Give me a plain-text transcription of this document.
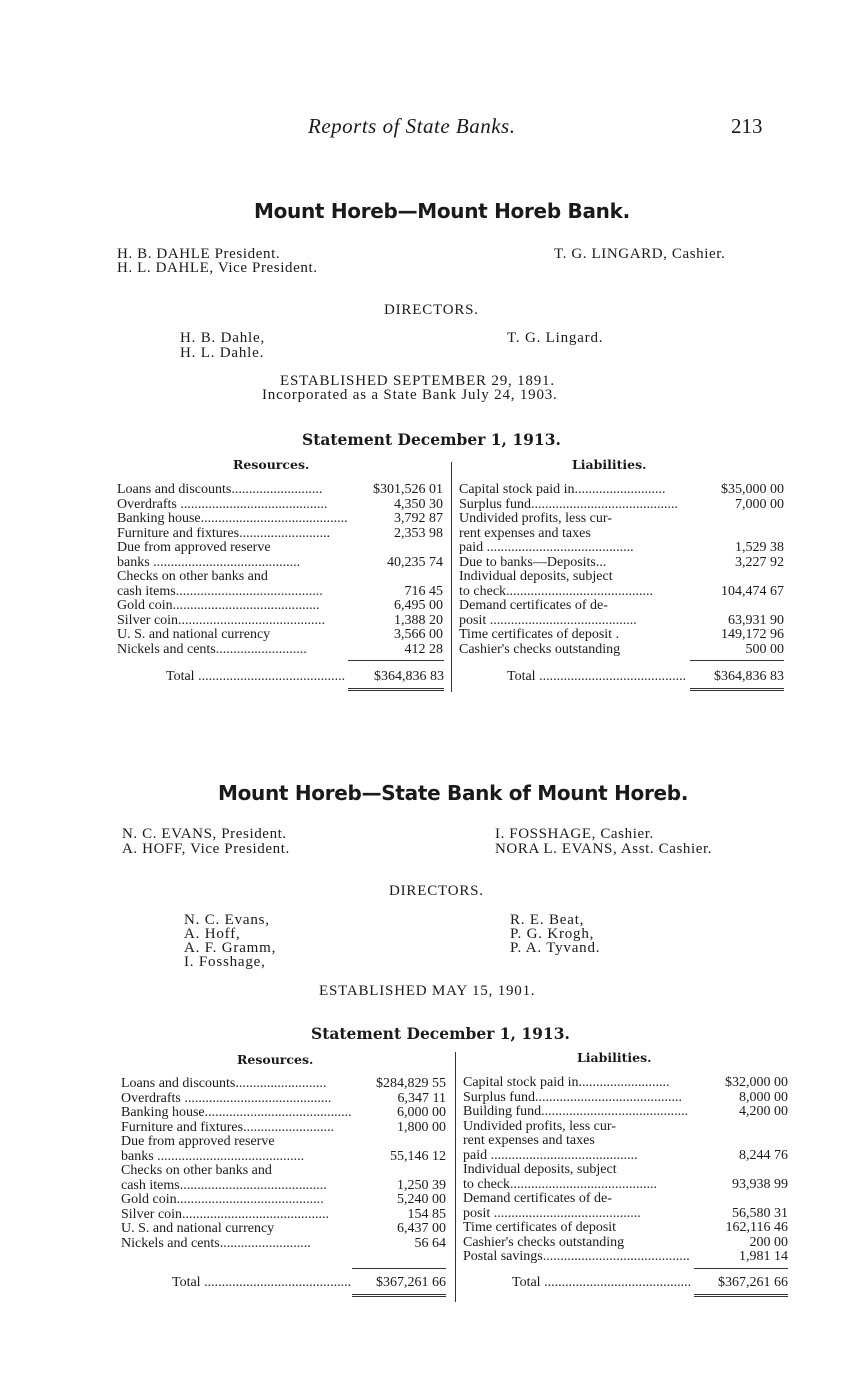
Reports of State Banks.	213
Mount Horeb—Mount Horeb Bank.
H. B. DAHLE President.
H. L. DAHLE, Vice President.
T. G. LINGARD, Cashier.
DIRECTORS.
H. B. Dahle,
H. L. Dahle.
T. G. Lingard.
ESTABLISHED SEPTEMBER 29, 1891.
Incorporated as a State Bank July 24, 1903.
Statement December 1, 1913.
Resources.	Liabilities.
Loans and discounts..........................	$301,526 01
Overdrafts ..........................................	4,350 30
Banking house..........................................	3,792 87
Furniture and fixtures..........................	2,353 98
Due from approved reserve
banks ..........................................	40,235 74
Checks on other banks and
cash items..........................................	716 45
Gold coin..........................................	6,495 00
Silver coin..........................................	1,388 20
U. S. and national currency	3,566 00
Nickels and cents..........................	412 28
Total .......................................... $364,836 83
Capital stock paid in..........................	$35,000 00
Surplus fund..........................................	7,000 00
Undivided profits, less cur-
rent expenses and taxes
paid ..........................................	1,529 38
Due to banks—Deposits...	3,227 92
Individual deposits, subject
to check..........................................	104,474 67
Demand certificates of de-
posit ..........................................	63,931 90
Time certificates of deposit .	149,172 96
Cashier's checks outstanding	500 00
Total .......................................... $364,836 83
Mount Horeb—State Bank of Mount Horeb.
N. C. EVANS, President.
A. HOFF, Vice President.
I. FOSSHAGE, Cashier.
NORA L. EVANS, Asst. Cashier.
DIRECTORS.
N. C. Evans,
A. Hoff,
A. F. Gramm,
I. Fosshage,
R. E. Beat,
P. G. Krogh,
P. A. Tyvand.
ESTABLISHED MAY 15, 1901.
Statement December 1, 1913.
Resources.	Liabilities.
Loans and discounts..........................	$284,829 55
Overdrafts ..........................................	6,347 11
Banking house..........................................	6,000 00
Furniture and fixtures..........................	1,800 00
Due from approved reserve
banks ..........................................	55,146 12
Checks on other banks and
cash items..........................................	1,250 39
Gold coin..........................................	5,240 00
Silver coin..........................................	154 85
U. S. and national currency	6,437 00
Nickels and cents..........................	56 64
Total .......................................... $367,261 66
Capital stock paid in..........................	$32,000 00
Surplus fund..........................................	8,000 00
Building fund..........................................	4,200 00
Undivided profits, less cur-
rent expenses and taxes
paid ..........................................	8,244 76
Individual deposits, subject
to check..........................................	93,938 99
Demand certificates of de-
posit ..........................................	56,580 31
Time certificates of deposit	162,116 46
Cashier's checks outstanding	200 00
Postal savings..........................................	1,981 14
Total .......................................... $367,261 66
